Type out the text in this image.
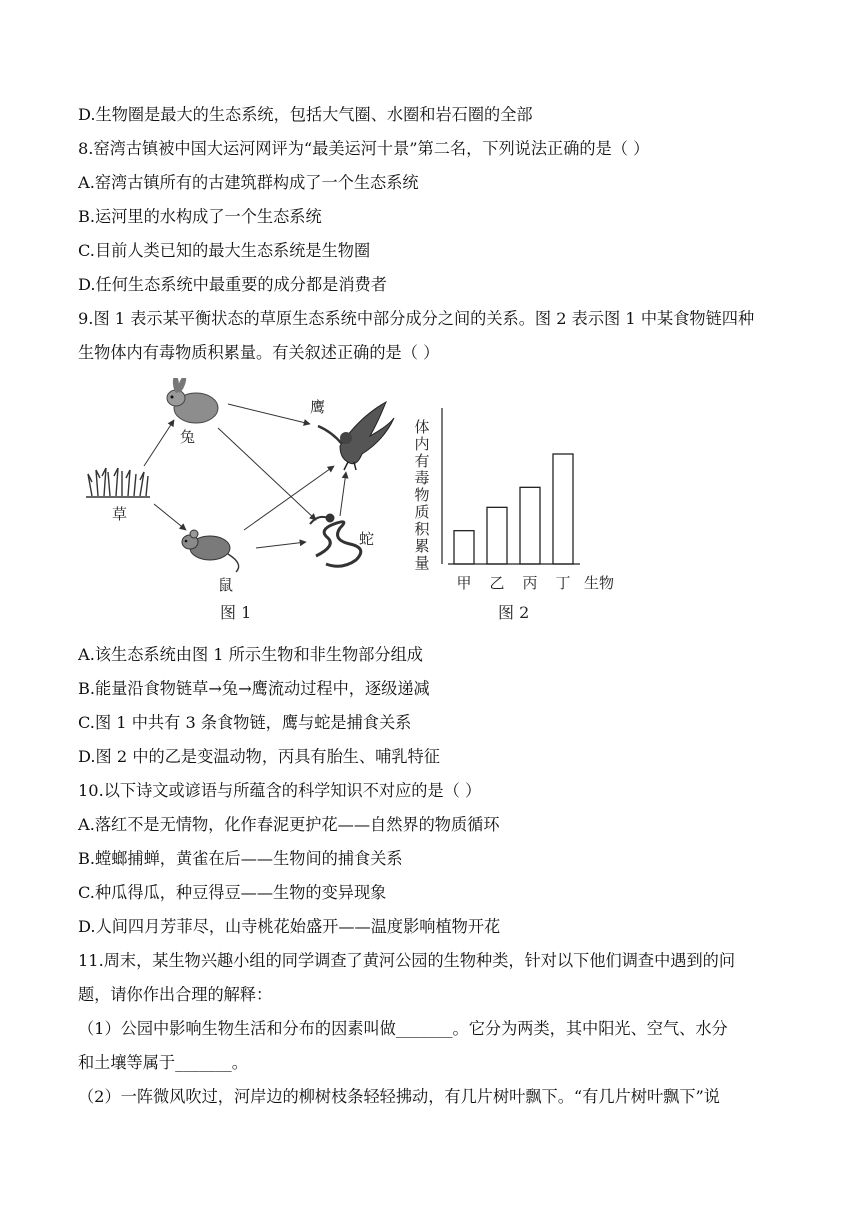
D.生物圈是最大的生态系统，包括大气圈、水圈和岩石圈的全部
8.窑湾古镇被中国大运河网评为“最美运河十景”第二名，下列说法正确的是（ ）
A.窑湾古镇所有的古建筑群构成了一个生态系统
B.运河里的水构成了一个生态系统
C.目前人类已知的最大生态系统是生物圈
D.任何生态系统中最重要的成分都是消费者
9.图 1 表示某平衡状态的草原生态系统中部分成分之间的关系。图 2 表示图 1 中某食物链四种
生物体内有毒物质积累量。有关叙述正确的是（ ）
草
兔
鼠
鹰
蛇
图 1
体
内
有
毒
物
质
积
累
量
甲 乙 丙 丁 生物
图 2
A.该生态系统由图 1 所示生物和非生物部分组成
B.能量沿食物链草→兔→鹰流动过程中，逐级递减
C.图 1 中共有 3 条食物链，鹰与蛇是捕食关系
D.图 2 中的乙是变温动物，丙具有胎生、哺乳特征
10.以下诗文或谚语与所蕴含的科学知识不对应的是（ ）
A.落红不是无情物，化作春泥更护花——自然界的物质循环
B.螳螂捕蝉，黄雀在后——生物间的捕食关系
C.种瓜得瓜，种豆得豆——生物的变异现象
D.人间四月芳菲尽，山寺桃花始盛开——温度影响植物开花
11.周末，某生物兴趣小组的同学调查了黄河公园的生物种类，针对以下他们调查中遇到的问
题，请你作出合理的解释：
（1）公园中影响生物生活和分布的因素叫做_______。它分为两类，其中阳光、空气、水分
和土壤等属于_______。
（2）一阵微风吹过，河岸边的柳树枝条轻轻拂动，有几片树叶飘下。“有几片树叶飘下”说
